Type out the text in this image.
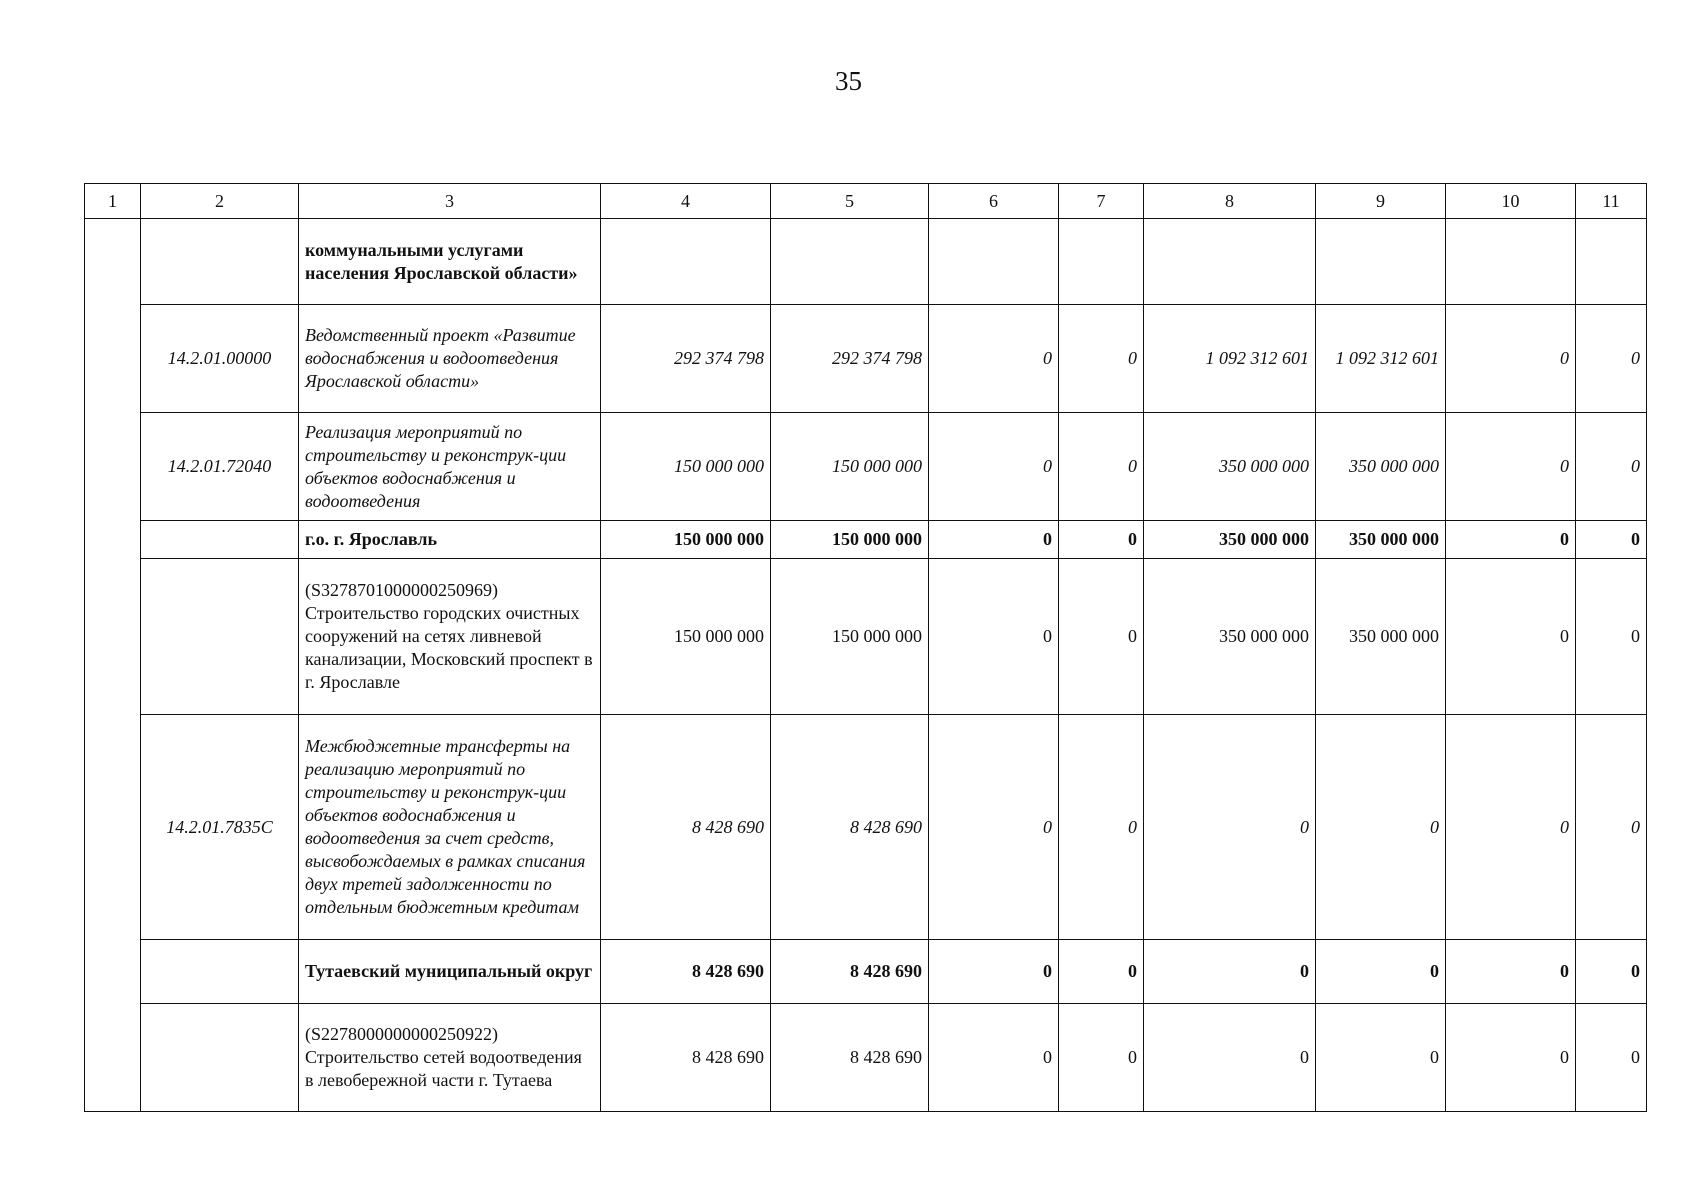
35
1	2	3	4	5	6	7	8	9	10	11
		коммунальными услугами населения Ярославской области»								
	14.2.01.00000	Ведомственный проект «Развитие водоснабжения и водоотведения Ярославской области»	292 374 798	292 374 798	0	0	1 092 312 601	1 092 312 601	0	0
	14.2.01.72040	Реализация мероприятий по строительству и реконструк-ции объектов водоснабжения и водоотведения	150 000 000	150 000 000	0	0	350 000 000	350 000 000	0	0
		г.о. г. Ярославль	150 000 000	150 000 000	0	0	350 000 000	350 000 000	0	0
		(S3278701000000250969) Строительство городских очистных сооружений на сетях ливневой канализации, Московский проспект в г. Ярославле	150 000 000	150 000 000	0	0	350 000 000	350 000 000	0	0
	14.2.01.7835С	Межбюджетные трансферты на реализацию мероприятий по строительству и реконструк-ции объектов водоснабжения и водоотведения за счет средств, высвобождаемых в рамках списания двух третей задолженности по отдельным бюджетным кредитам	8 428 690	8 428 690	0	0	0	0	0	0
		Тутаевский муниципальный округ	8 428 690	8 428 690	0	0	0	0	0	0
		(S2278000000000250922) Строительство сетей водоотведения в левобережной части г. Тутаева	8 428 690	8 428 690	0	0	0	0	0	0
